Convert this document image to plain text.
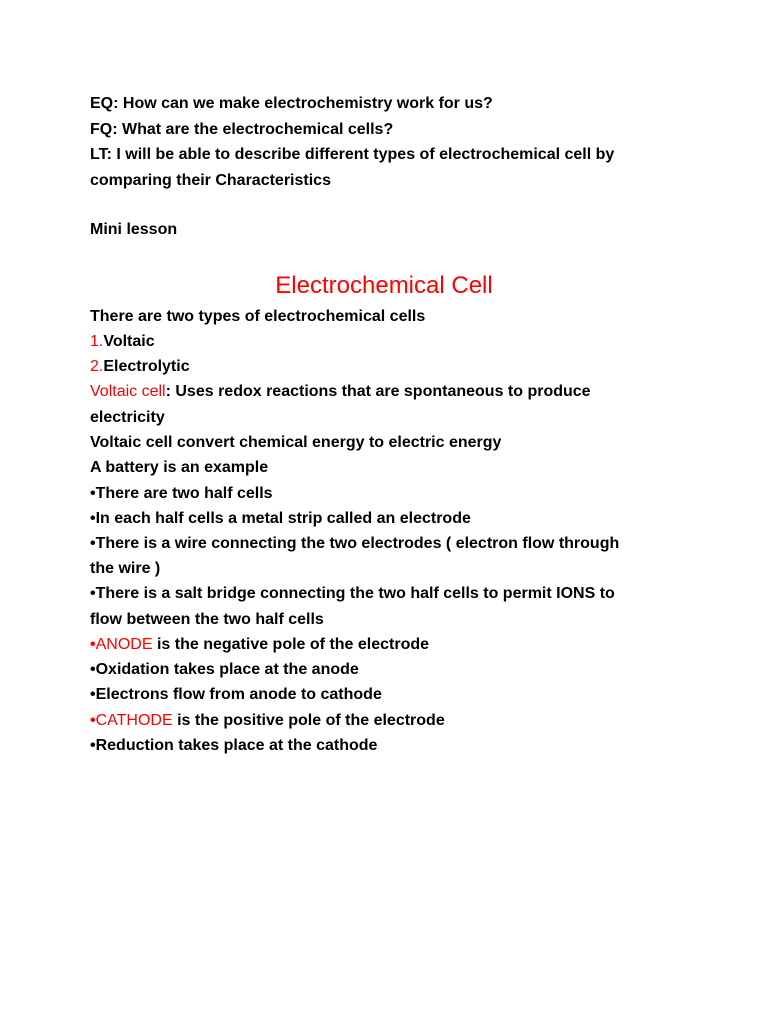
EQ: How can we make electrochemistry work for us?
FQ: What are the electrochemical cells?
LT: I will be able to describe different types of electrochemical cell by
comparing their Characteristics
Mini lesson
Electrochemical Cell
There are two types of electrochemical cells
1.Voltaic
2.Electrolytic
Voltaic cell: Uses redox reactions that are spontaneous to produce
electricity
Voltaic cell convert chemical energy to electric energy
A battery is an example
•There are two half cells
•In each half cells a metal strip called an electrode
•There is a wire connecting the two electrodes ( electron flow through
the wire )
•There is a salt bridge connecting the two half cells to permit IONS to
flow between the two half cells
•ANODE is the negative pole of the electrode
•Oxidation takes place at the anode
•Electrons flow from anode to cathode
•CATHODE is the positive pole of the electrode
•Reduction takes place at the cathode
